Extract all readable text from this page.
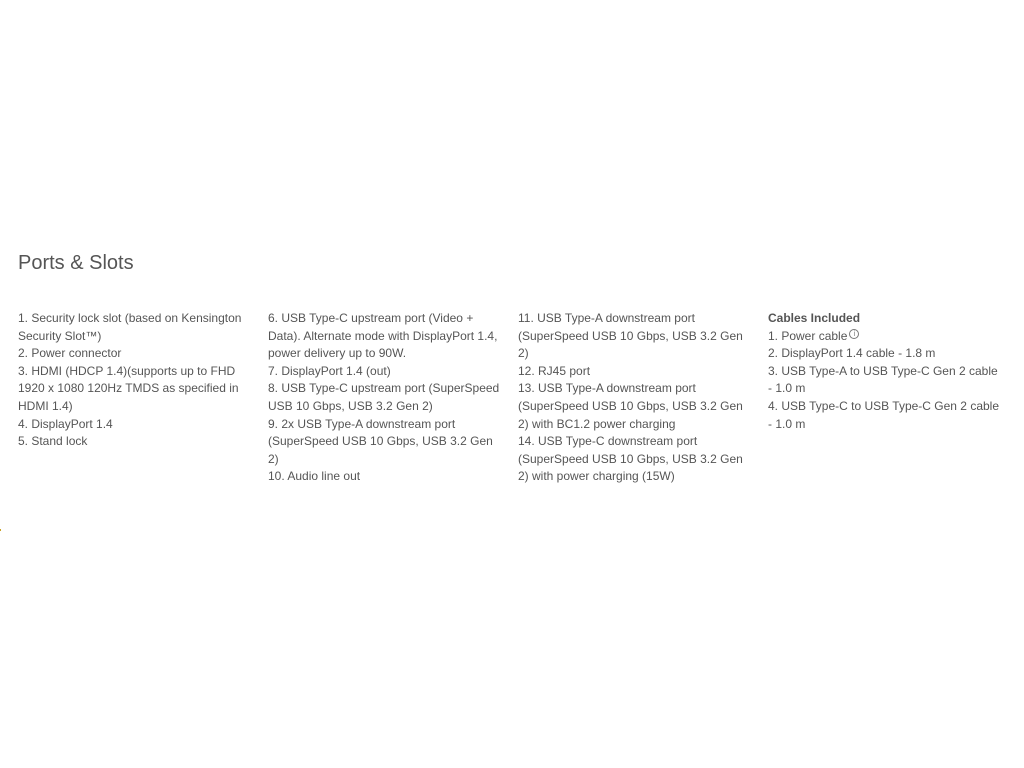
Ports & Slots
1. Security lock slot (based on Kensington Security Slot™)
2. Power connector
3. HDMI (HDCP 1.4)(supports up to FHD 1920 x 1080 120Hz TMDS as specified in HDMI 1.4)
4. DisplayPort 1.4
5. Stand lock
6. USB Type-C upstream port (Video + Data). Alternate mode with DisplayPort 1.4, power delivery up to 90W.
7. DisplayPort 1.4 (out)
8. USB Type-C upstream port (SuperSpeed USB 10 Gbps, USB 3.2 Gen 2)
9. 2x USB Type-A downstream port (SuperSpeed USB 10 Gbps, USB 3.2 Gen 2)
10. Audio line out
11. USB Type-A downstream port (SuperSpeed USB 10 Gbps, USB 3.2 Gen 2)
12. RJ45 port
13. USB Type-A downstream port (SuperSpeed USB 10 Gbps, USB 3.2 Gen 2) with BC1.2 power charging
14. USB Type-C downstream port (SuperSpeed USB 10 Gbps, USB 3.2 Gen 2) with power charging (15W)
Cables Included
1. Power cable i
2. DisplayPort 1.4 cable - 1.8 m
3. USB Type-A to USB Type-C Gen 2 cable - 1.0 m
4. USB Type-C to USB Type-C Gen 2 cable - 1.0 m
